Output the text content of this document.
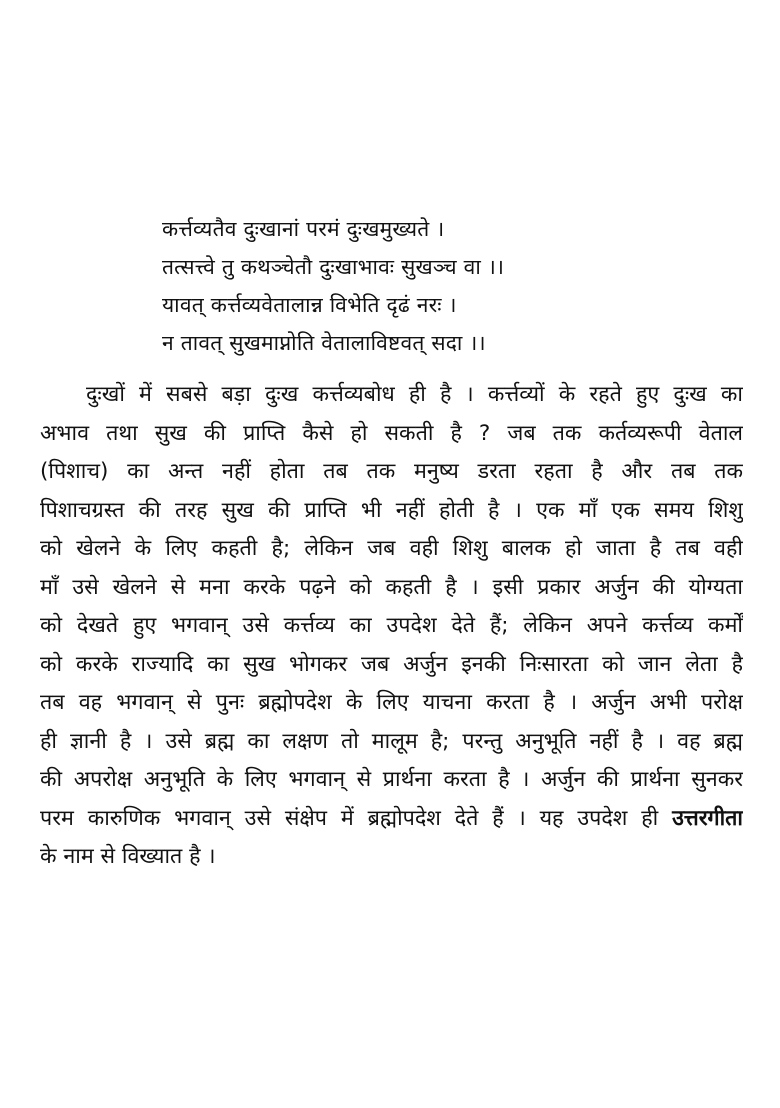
कर्त्तव्यतैव दुःखानां परमं दुःखमुख्यते ।
तत्सत्त्वे तु कथञ्चेतौ दुःखाभावः सुखञ्च वा ।।
यावत् कर्त्तव्यवेतालान्न विभेति दृढं नरः ।
न तावत् सुखमाप्नोति वेतालाविष्टवत् सदा ।।
दुःखों में सबसे बड़ा दुःख कर्त्तव्यबोध ही है । कर्त्तव्यों के रहते हुए दुःख का
अभाव तथा सुख की प्राप्ति कैसे हो सकती है ? जब तक कर्तव्यरूपी वेताल
(पिशाच) का अन्त नहीं होता तब तक मनुष्य डरता रहता है और तब तक
पिशाचग्रस्त की तरह सुख की प्राप्ति भी नहीं होती है । एक माँ एक समय शिशु
को खेलने के लिए कहती है; लेकिन जब वही शिशु बालक हो जाता है तब वही
माँ उसे खेलने से मना करके पढ़ने को कहती है । इसी प्रकार अर्जुन की योग्यता
को देखते हुए भगवान् उसे कर्त्तव्य का उपदेश देते हैं; लेकिन अपने कर्त्तव्य कर्मों
को करके राज्यादि का सुख भोगकर जब अर्जुन इनकी निःसारता को जान लेता है
तब वह भगवान् से पुनः ब्रह्मोपदेश के लिए याचना करता है । अर्जुन अभी परोक्ष
ही ज्ञानी है । उसे ब्रह्म का लक्षण तो मालूम है; परन्तु अनुभूति नहीं है । वह ब्रह्म
की अपरोक्ष अनुभूति के लिए भगवान् से प्रार्थना करता है । अर्जुन की प्रार्थना सुनकर
परम कारुणिक भगवान् उसे संक्षेप में ब्रह्मोपदेश देते हैं । यह उपदेश ही उत्तरगीता
के नाम से विख्यात है ।
